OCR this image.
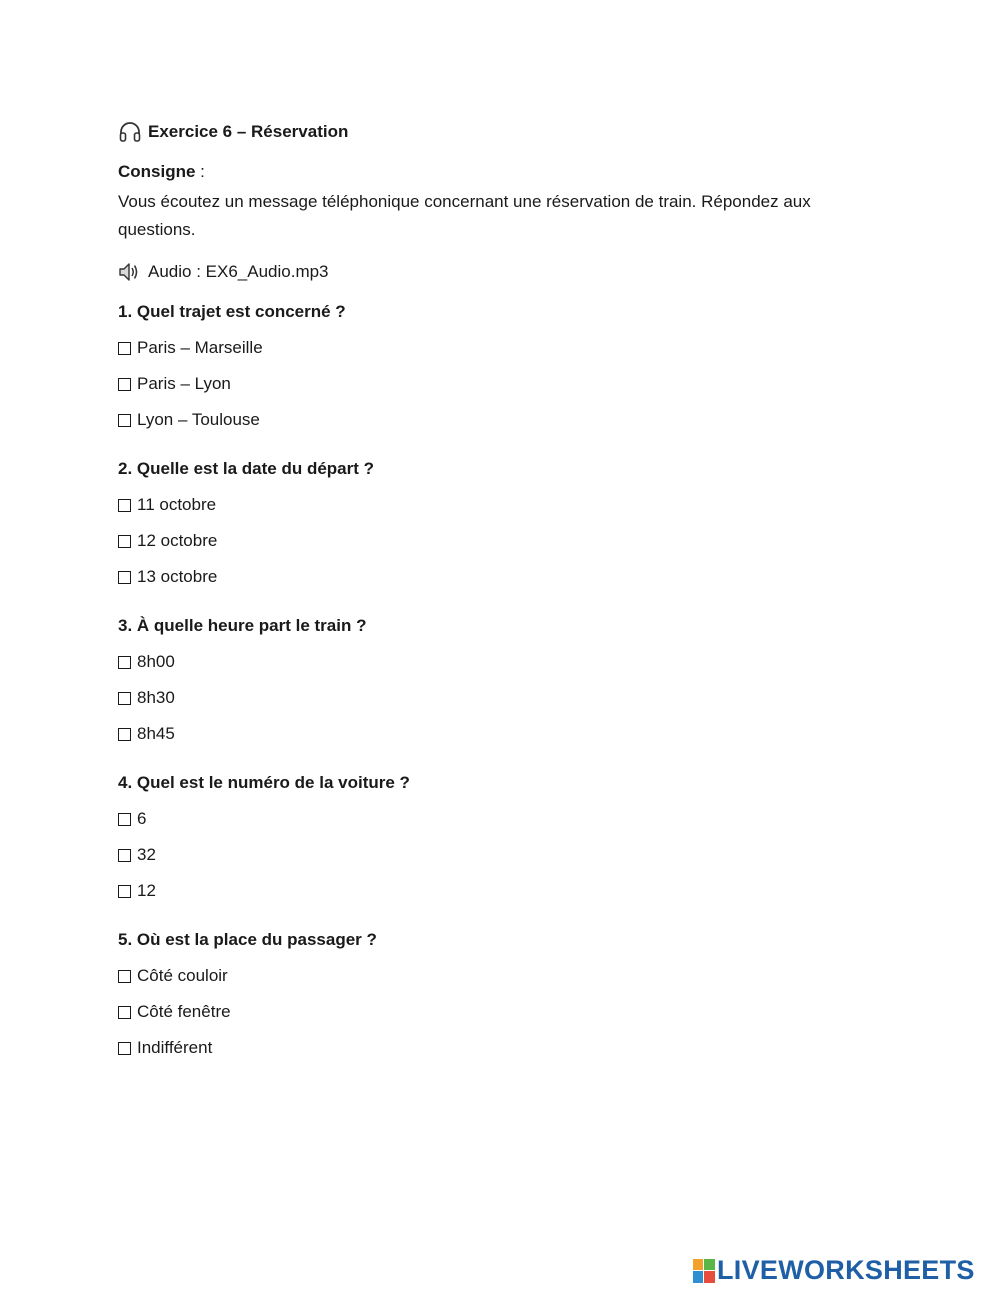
Exercice 6 – Réservation
Consigne :
Vous écoutez un message téléphonique concernant une réservation de train. Répondez aux questions.
Audio : EX6_Audio.mp3
1. Quel trajet est concerné ?
Paris – Marseille
Paris – Lyon
Lyon – Toulouse
2. Quelle est la date du départ ?
11 octobre
12 octobre
13 octobre
3. À quelle heure part le train ?
8h00
8h30
8h45
4. Quel est le numéro de la voiture ?
6
32
12
5. Où est la place du passager ?
Côté couloir
Côté fenêtre
Indifférent
LIVEWORKSHEETS
